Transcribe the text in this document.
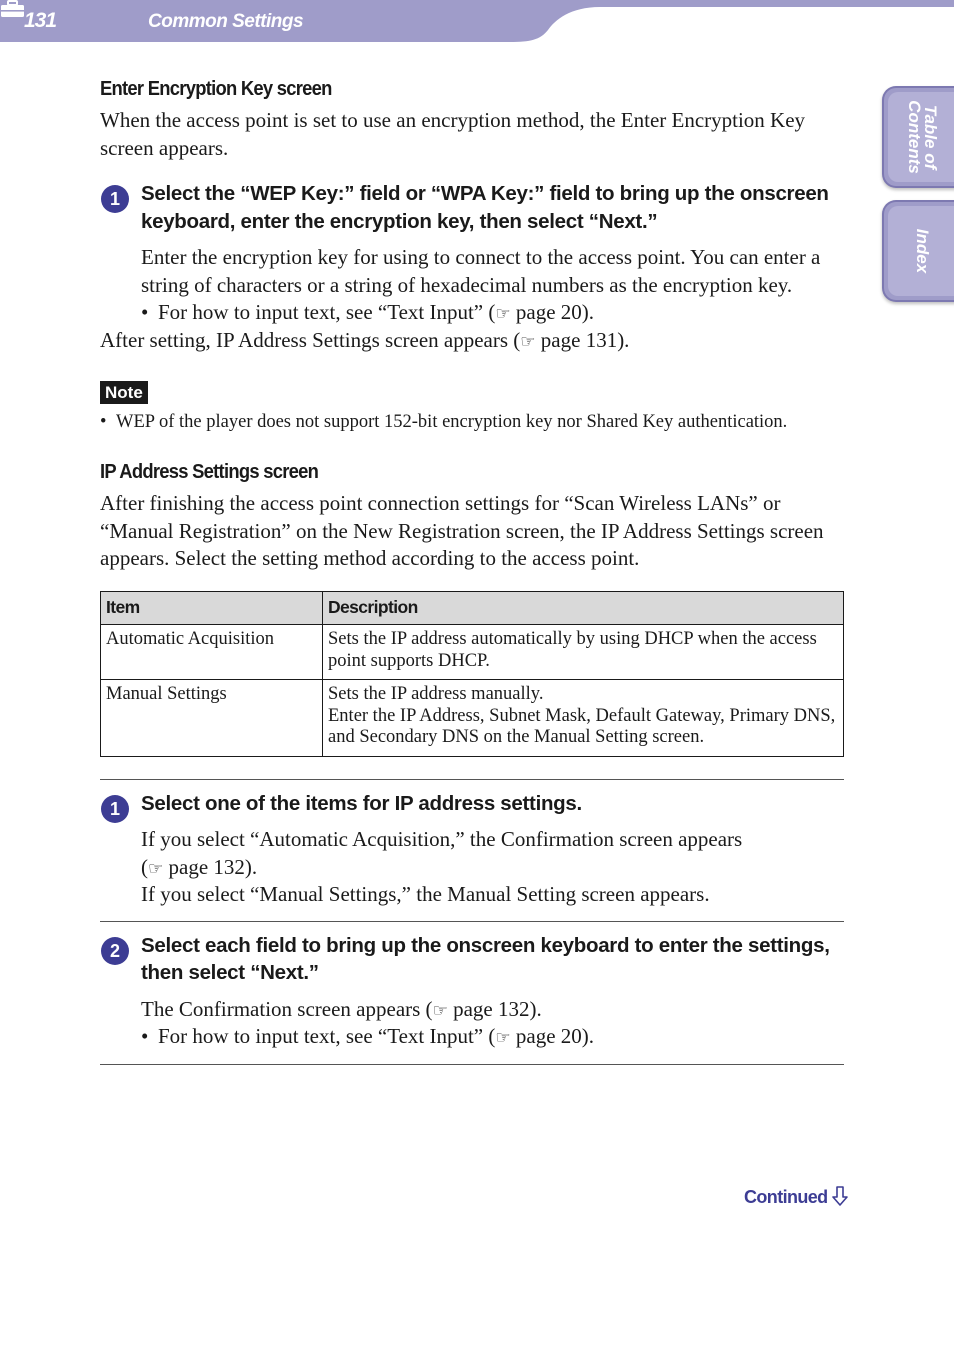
131	Common Settings
Table of
Contents
Index
Enter Encryption Key screen
When the access point is set to use an encryption method, the Enter Encryption Key screen appears.
1	Select the “WEP Key:” field or “WPA Key:” field to bring up the onscreen keyboard, enter the encryption key, then select “Next.”
Enter the encryption key for using to connect to the access point. You can enter a string of characters or a string of hexadecimal numbers as the encryption key.
• For how to input text, see “Text Input” (☞ page 20).
After setting, IP Address Settings screen appears (☞ page 131).
Note
• WEP of the player does not support 152-bit encryption key nor Shared Key authentication.
IP Address Settings screen
After finishing the access point connection settings for “Scan Wireless LANs” or “Manual Registration” on the New Registration screen, the IP Address Settings screen appears. Select the setting method according to the access point.
Item	Description
Automatic Acquisition	Sets the IP address automatically by using DHCP when the access point supports DHCP.
Manual Settings	Sets the IP address manually.
Enter the IP Address, Subnet Mask, Default Gateway, Primary DNS, and Secondary DNS on the Manual Setting screen.
1	Select one of the items for IP address settings.
If you select “Automatic Acquisition,” the Confirmation screen appears
(☞ page 132).
If you select “Manual Settings,” the Manual Setting screen appears.
2	Select each field to bring up the onscreen keyboard to enter the settings, then select “Next.”
The Confirmation screen appears (☞ page 132).
• For how to input text, see “Text Input” (☞ page 20).
Continued
